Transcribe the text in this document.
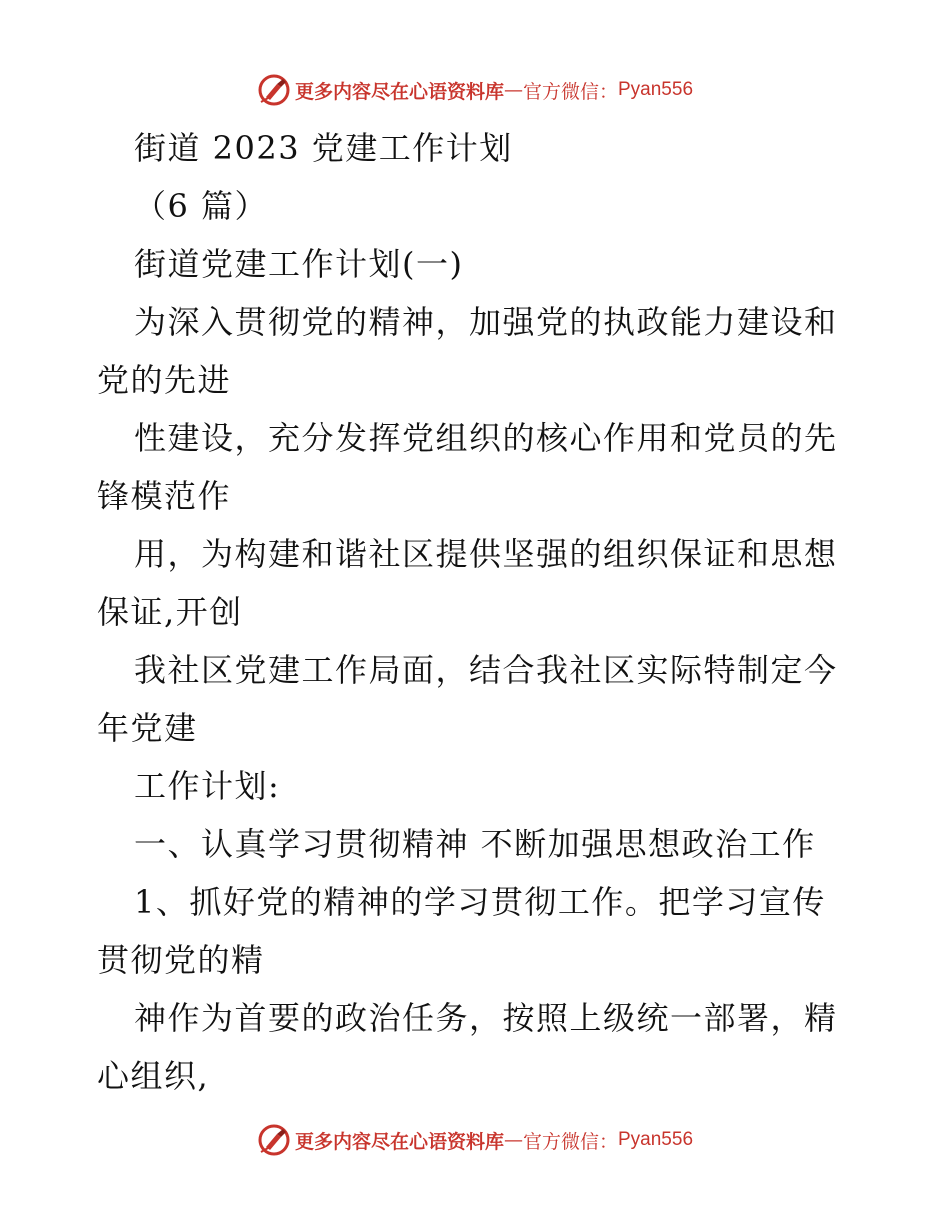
更多内容尽在心语资料库 — 官方微信： Pyan556
街道 2023 党建工作计划
（6 篇）
街道党建工作计划(一)
为深入贯彻党的精神，加强党的执政能力建设和
党的先进
性建设，充分发挥党组织的核心作用和党员的先
锋模范作
用，为构建和谐社区提供坚强的组织保证和思想
保证,开创
我社区党建工作局面，结合我社区实际特制定今
年党建
工作计划:
一、认真学习贯彻精神 不断加强思想政治工作
1、抓好党的精神的学习贯彻工作。把学习宣传
贯彻党的精
神作为首要的政治任务，按照上级统一部署，精
心组织,
更多内容尽在心语资料库 — 官方微信： Pyan556
